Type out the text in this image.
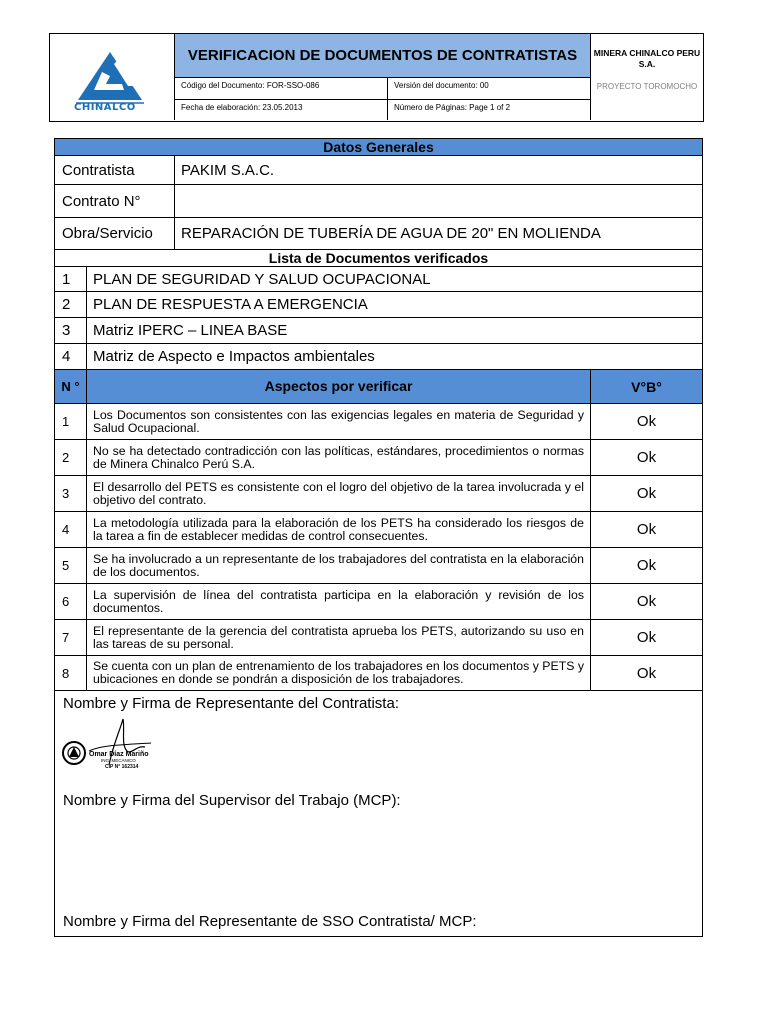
CHINALCO
VERIFICACION DE DOCUMENTOS DE CONTRATISTAS
Código del Documento: FOR-SSO-086	Versión del documento: 00
Fecha de elaboración: 23.05.2013	Número de Páginas: Page 1 of 2
MINERA CHINALCO PERU S.A.
PROYECTO TOROMOCHO
Datos Generales
Contratista	PAKIM S.A.C.
Contrato N°
Obra/Servicio	REPARACIÓN DE TUBERÍA DE AGUA DE 20" EN MOLIENDA
Lista de Documentos verificados
1	PLAN DE SEGURIDAD Y SALUD OCUPACIONAL
2	PLAN DE RESPUESTA A EMERGENCIA
3	Matriz IPERC – LINEA BASE
4	Matriz de Aspecto e Impactos ambientales
N °	Aspectos por verificar	V°B°
1	Los Documentos son consistentes con las exigencias legales en materia de Seguridad y Salud Ocupacional.	Ok
2	No se ha detectado contradicción con las políticas, estándares, procedimientos o normas de Minera Chinalco Perú S.A.	Ok
3	El desarrollo del PETS es consistente con el logro del objetivo de la tarea involucrada y el objetivo del contrato.	Ok
4	La metodología utilizada para la elaboración de los PETS ha considerado los riesgos de la tarea a fin de establecer medidas de control consecuentes.	Ok
5	Se ha involucrado a un representante de los trabajadores del contratista en la elaboración de los documentos.	Ok
6	La supervisión de línea del contratista participa en la elaboración y revisión de los documentos.	Ok
7	El representante de la gerencia del contratista aprueba los PETS, autorizando su uso en las tareas de su personal.	Ok
8	Se cuenta con un plan de entrenamiento de los trabajadores en los documentos y PETS y ubicaciones en donde se pondrán a disposición de los trabajadores.	Ok
Nombre y Firma de Representante del Contratista:
Omar Díaz Mariño
ING. MECANICO
CIP N° 162314
Nombre y Firma del Supervisor del Trabajo (MCP):
Nombre y Firma del Representante de SSO Contratista/ MCP:
